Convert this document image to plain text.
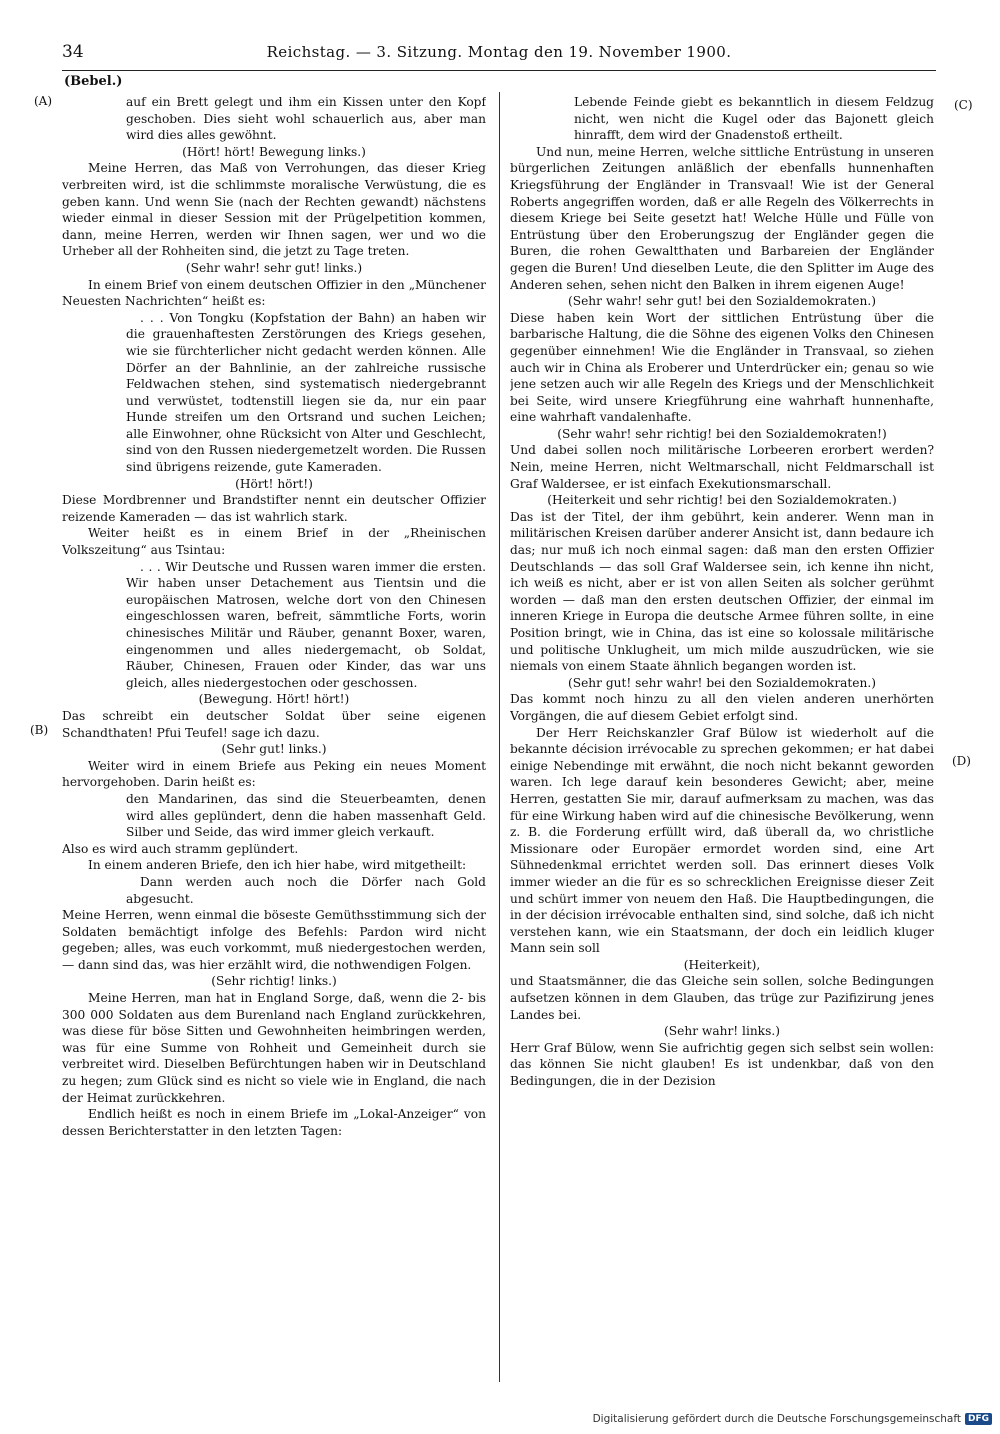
34	Reichstag. — 3. Sitzung. Montag den 19. November 1900.
(Bebel.)
(A)
(B)
(C)
(D)

auf ein Brett gelegt und ihm ein Kissen unter den Kopf geschoben. Dies sieht wohl schauerlich aus, aber man wird dies alles gewöhnt.

(Hört! hört! Bewegung links.)

Meine Herren, das Maß von Verrohungen, das dieser Krieg verbreiten wird, ist die schlimmste moralische Verwüstung, die es geben kann. Und wenn Sie (nach der Rechten gewandt) nächstens wieder einmal in dieser Session mit der Prügelpetition kommen, dann, meine Herren, werden wir Ihnen sagen, wer und wo die Urheber all der Rohheiten sind, die jetzt zu Tage treten.

(Sehr wahr! sehr gut! links.)

In einem Brief von einem deutschen Offizier in den „Münchener Neuesten Nachrichten“ heißt es:

. . . Von Tongku (Kopfstation der Bahn) an haben wir die grauenhaftesten Zerstörungen des Kriegs gesehen, wie sie fürchterlicher nicht gedacht werden können. Alle Dörfer an der Bahnlinie, an der zahlreiche russische Feldwachen stehen, sind systematisch niedergebrannt und verwüstet, todtenstill liegen sie da, nur ein paar Hunde streifen um den Ortsrand und suchen Leichen; alle Einwohner, ohne Rücksicht von Alter und Geschlecht, sind von den Russen niedergemetzelt worden. Die Russen sind übrigens reizende, gute Kameraden.

(Hört! hört!)

Diese Mordbrenner und Brandstifter nennt ein deutscher Offizier reizende Kameraden — das ist wahrlich stark.

Weiter heißt es in einem Brief in der „Rheinischen Volkszeitung“ aus Tsintau:

. . . Wir Deutsche und Russen waren immer die ersten. Wir haben unser Detachement aus Tientsin und die europäischen Matrosen, welche dort von den Chinesen eingeschlossen waren, befreit, sämmtliche Forts, worin chinesisches Militär und Räuber, genannt Boxer, waren, eingenommen und alles niedergemacht, ob Soldat, Räuber, Chinesen, Frauen oder Kinder, das war uns gleich, alles niedergestochen oder geschossen.

(Bewegung. Hört! hört!)

Das schreibt ein deutscher Soldat über seine eigenen Schandthaten! Pfui Teufel! sage ich dazu.

(Sehr gut! links.)

Weiter wird in einem Briefe aus Peking ein neues Moment hervorgehoben. Darin heißt es:

den Mandarinen, das sind die Steuerbeamten, denen wird alles geplündert, denn die haben massenhaft Geld. Silber und Seide, das wird immer gleich verkauft.

Also es wird auch stramm geplündert.

In einem anderen Briefe, den ich hier habe, wird mitgetheilt:

Dann werden auch noch die Dörfer nach Gold abgesucht.

Meine Herren, wenn einmal die böseste Gemüthsstimmung sich der Soldaten bemächtigt infolge des Befehls: Pardon wird nicht gegeben; alles, was euch vorkommt, muß niedergestochen werden, — dann sind das, was hier erzählt wird, die nothwendigen Folgen.

(Sehr richtig! links.)

Meine Herren, man hat in England Sorge, daß, wenn die 2- bis 300 000 Soldaten aus dem Burenland nach England zurückkehren, was diese für böse Sitten und Gewohnheiten heimbringen werden, was für eine Summe von Rohheit und Gemeinheit durch sie verbreitet wird. Dieselben Befürchtungen haben wir in Deutschland zu hegen; zum Glück sind es nicht so viele wie in England, die nach der Heimat zurückkehren.

Endlich heißt es noch in einem Briefe im „Lokal-Anzeiger“ von dessen Berichterstatter in den letzten Tagen:

Lebende Feinde giebt es bekanntlich in diesem Feldzug nicht, wen nicht die Kugel oder das Bajonett gleich hinrafft, dem wird der Gnadenstoß ertheilt.

Und nun, meine Herren, welche sittliche Entrüstung in unseren bürgerlichen Zeitungen anläßlich der ebenfalls hunnenhaften Kriegsführung der Engländer in Transvaal! Wie ist der General Roberts angegriffen worden, daß er alle Regeln des Völkerrechts in diesem Kriege bei Seite gesetzt hat! Welche Hülle und Fülle von Entrüstung über den Eroberungszug der Engländer gegen die Buren, die rohen Gewaltthaten und Barbareien der Engländer gegen die Buren! Und dieselben Leute, die den Splitter im Auge des Anderen sehen, sehen nicht den Balken in ihrem eigenen Auge!

(Sehr wahr! sehr gut! bei den Sozialdemokraten.)

Diese haben kein Wort der sittlichen Entrüstung über die barbarische Haltung, die die Söhne des eigenen Volks den Chinesen gegenüber einnehmen! Wie die Engländer in Transvaal, so ziehen auch wir in China als Eroberer und Unterdrücker ein; genau so wie jene setzen auch wir alle Regeln des Kriegs und der Menschlichkeit bei Seite, wird unsere Kriegführung eine wahrhaft hunnenhafte, eine wahrhaft vandalenhafte.

(Sehr wahr! sehr richtig! bei den Sozialdemokraten!)

Und dabei sollen noch militärische Lorbeeren erorbert werden? Nein, meine Herren, nicht Weltmarschall, nicht Feldmarschall ist Graf Waldersee, er ist einfach Exekutionsmarschall.

(Heiterkeit und sehr richtig! bei den Sozialdemokraten.)

Das ist der Titel, der ihm gebührt, kein anderer. Wenn man in militärischen Kreisen darüber anderer Ansicht ist, dann bedaure ich das; nur muß ich noch einmal sagen: daß man den ersten Offizier Deutschlands — das soll Graf Waldersee sein, ich kenne ihn nicht, ich weiß es nicht, aber er ist von allen Seiten als solcher gerühmt worden — daß man den ersten deutschen Offizier, der einmal im inneren Kriege in Europa die deutsche Armee führen sollte, in eine Position bringt, wie in China, das ist eine so kolossale militärische und politische Unklugheit, um mich milde auszudrücken, wie sie niemals von einem Staate ähnlich begangen worden ist.

(Sehr gut! sehr wahr! bei den Sozialdemokraten.)

Das kommt noch hinzu zu all den vielen anderen unerhörten Vorgängen, die auf diesem Gebiet erfolgt sind.

Der Herr Reichskanzler Graf Bülow ist wiederholt auf die bekannte décision irrévocable zu sprechen gekommen; er hat dabei einige Nebendinge mit erwähnt, die noch nicht bekannt geworden waren. Ich lege darauf kein besonderes Gewicht; aber, meine Herren, gestatten Sie mir, darauf aufmerksam zu machen, was das für eine Wirkung haben wird auf die chinesische Bevölkerung, wenn z. B. die Forderung erfüllt wird, daß überall da, wo christliche Missionare oder Europäer ermordet worden sind, eine Art Sühnedenkmal errichtet werden soll. Das erinnert dieses Volk immer wieder an die für es so schrecklichen Ereignisse dieser Zeit und schürt immer von neuem den Haß. Die Hauptbedingungen, die in der décision irrévocable enthalten sind, sind solche, daß ich nicht verstehen kann, wie ein Staatsmann, der doch ein leidlich kluger Mann sein soll

(Heiterkeit),

und Staatsmänner, die das Gleiche sein sollen, solche Bedingungen aufsetzen können in dem Glauben, das trüge zur Pazifizirung jenes Landes bei.

(Sehr wahr! links.)

Herr Graf Bülow, wenn Sie aufrichtig gegen sich selbst sein wollen: das können Sie nicht glauben! Es ist undenkbar, daß von den Bedingungen, die in der Dezision

Digitalisierung gefördert durch die Deutsche Forschungsgemeinschaft DFG
